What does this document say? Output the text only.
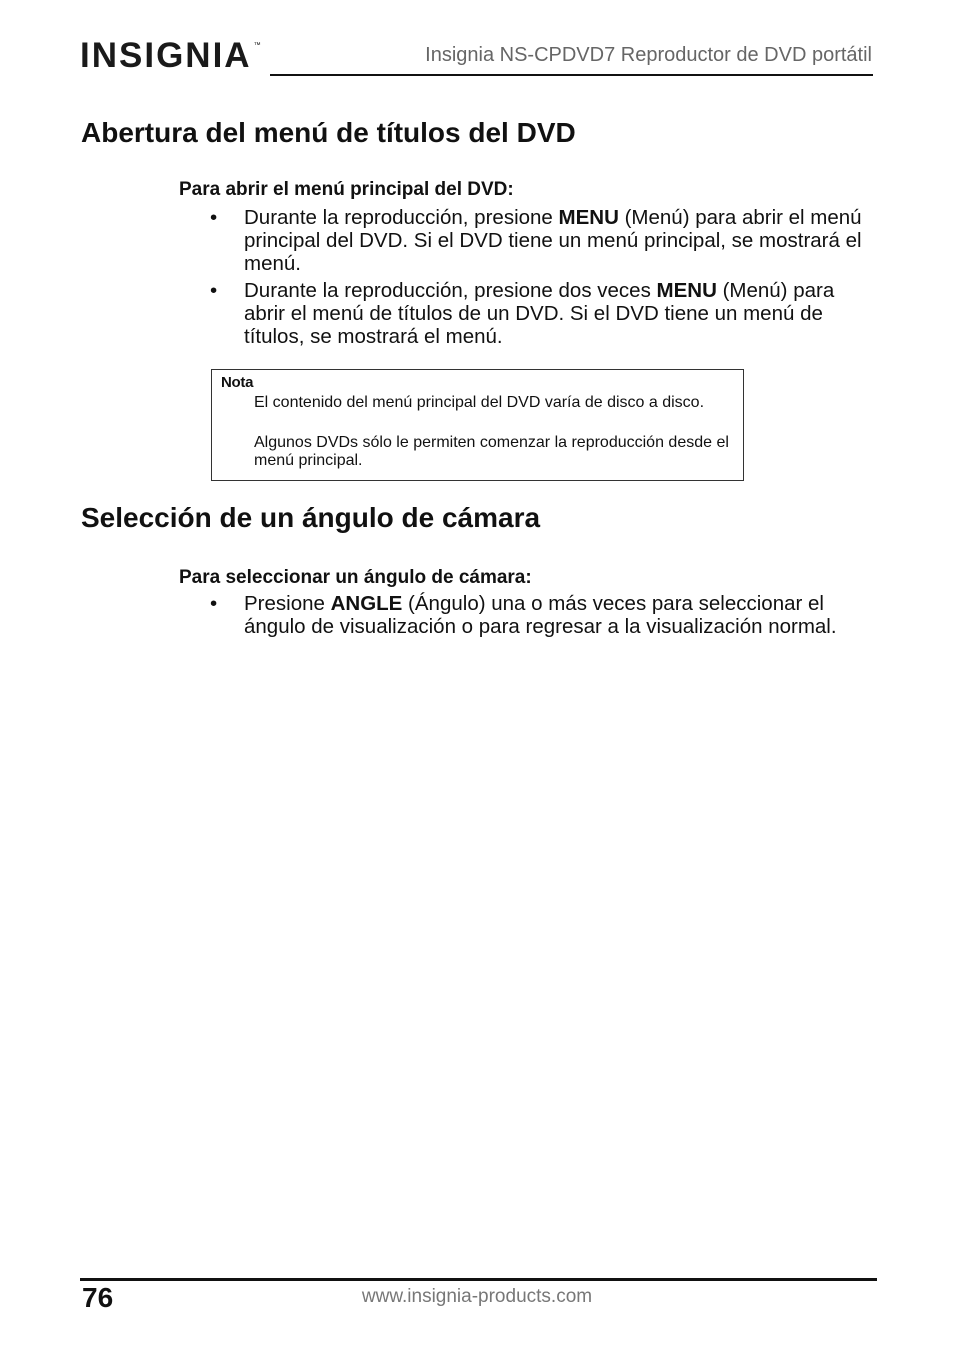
INSIGNIA ™	Insignia NS-CPDVD7 Reproductor de DVD portátil
Abertura del menú de títulos del DVD
Para abrir el menú principal del DVD:
• Durante la reproducción, presione MENU (Menú) para abrir el menú principal del DVD. Si el DVD tiene un menú principal, se mostrará el menú.
• Durante la reproducción, presione dos veces MENU (Menú) para abrir el menú de títulos de un DVD. Si el DVD tiene un menú de títulos, se mostrará el menú.
Nota
El contenido del menú principal del DVD varía de disco a disco.
Algunos DVDs sólo le permiten comenzar la reproducción desde el menú principal.
Selección de un ángulo de cámara
Para seleccionar un ángulo de cámara:
• Presione ANGLE (Ángulo) una o más veces para seleccionar el ángulo de visualización o para regresar a la visualización normal.
76	www.insignia-products.com
